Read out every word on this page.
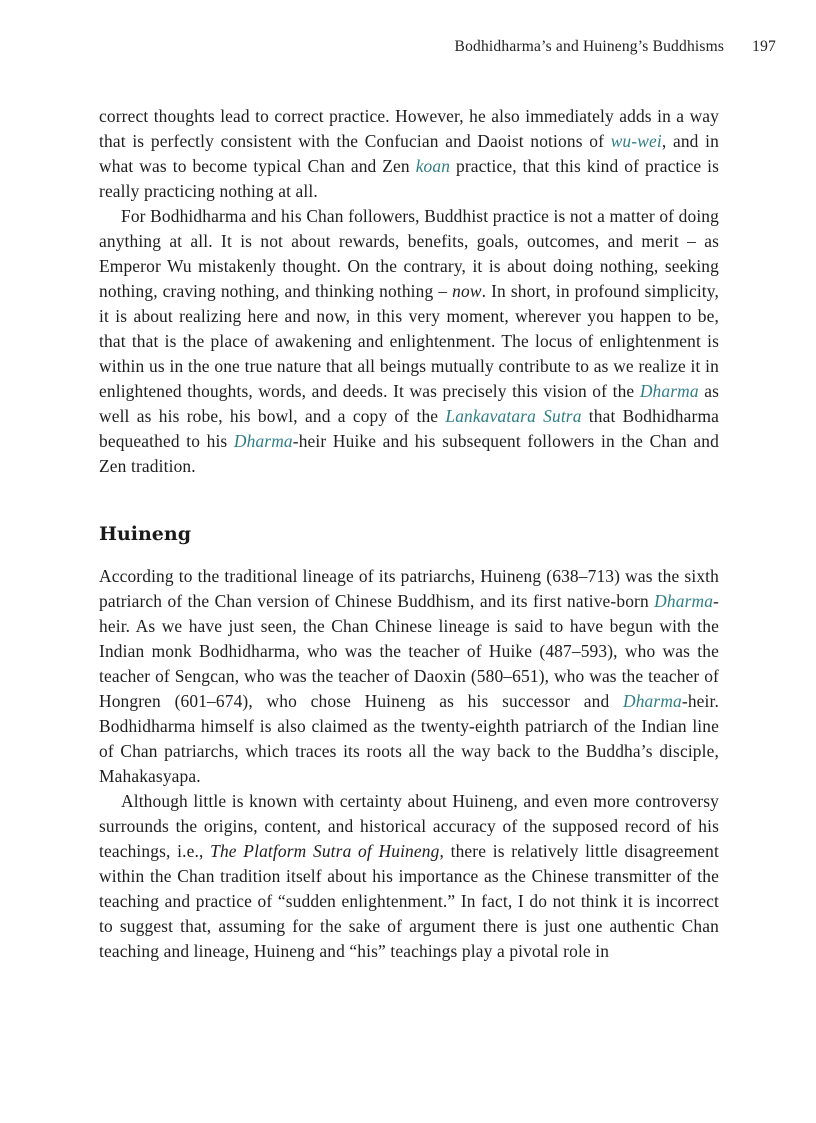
Bodhidharma’s and Huineng’s Buddhisms 197

correct thoughts lead to correct practice. However, he also immediately adds in a way that is perfectly consistent with the Confucian and Daoist notions of wu-wei, and in what was to become typical Chan and Zen koan practice, that this kind of practice is really practicing nothing at all.

For Bodhidharma and his Chan followers, Buddhist practice is not a matter of doing anything at all. It is not about rewards, benefits, goals, outcomes, and merit – as Emperor Wu mistakenly thought. On the contrary, it is about doing nothing, seeking nothing, craving nothing, and thinking nothing – now. In short, in profound simplicity, it is about realizing here and now, in this very moment, wherever you happen to be, that that is the place of awakening and enlightenment. The locus of enlightenment is within us in the one true nature that all beings mutually contribute to as we realize it in enlightened thoughts, words, and deeds. It was precisely this vision of the Dharma as well as his robe, his bowl, and a copy of the Lankavatara Sutra that Bodhidharma bequeathed to his Dharma-heir Huike and his subsequent followers in the Chan and Zen tradition.

Huineng

According to the traditional lineage of its patriarchs, Huineng (638–713) was the sixth patriarch of the Chan version of Chinese Buddhism, and its first native-born Dharma-heir. As we have just seen, the Chan Chinese lineage is said to have begun with the Indian monk Bodhidharma, who was the teacher of Huike (487–593), who was the teacher of Sengcan, who was the teacher of Daoxin (580–651), who was the teacher of Hongren (601–674), who chose Huineng as his successor and Dharma-heir. Bodhidharma himself is also claimed as the twenty-eighth patriarch of the Indian line of Chan patriarchs, which traces its roots all the way back to the Buddha’s disciple, Mahakasyapa.

Although little is known with certainty about Huineng, and even more controversy surrounds the origins, content, and historical accuracy of the supposed record of his teachings, i.e., The Platform Sutra of Huineng, there is relatively little disagreement within the Chan tradition itself about his importance as the Chinese transmitter of the teaching and practice of “sudden enlightenment.” In fact, I do not think it is incorrect to suggest that, assuming for the sake of argument there is just one authentic Chan teaching and lineage, Huineng and “his” teachings play a pivotal role in
